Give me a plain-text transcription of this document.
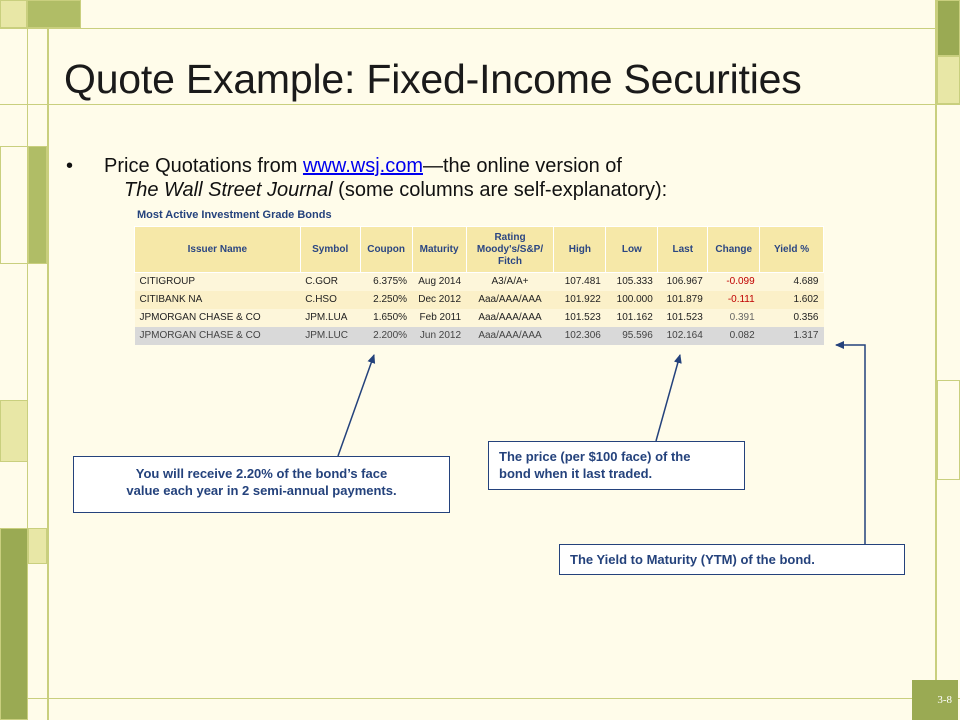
Quote Example: Fixed-Income Securities
• Price Quotations from www.wsj.com—the online version of
The Wall Street Journal (some columns are self-explanatory):
Most Active Investment Grade Bonds
Issuer Name	Symbol	Coupon	Maturity	Rating Moody's/S&P/ Fitch	High	Low	Last	Change	Yield %
CITIGROUP	C.GOR	6.375%	Aug 2014	A3/A/A+	107.481	105.333	106.967	-0.099	4.689
CITIBANK NA	C.HSO	2.250%	Dec 2012	Aaa/AAA/AAA	101.922	100.000	101.879	-0.111	1.602
JPMORGAN CHASE & CO	JPM.LUA	1.650%	Feb 2011	Aaa/AAA/AAA	101.523	101.162	101.523	0.391	0.356
JPMORGAN CHASE & CO	JPM.LUC	2.200%	Jun 2012	Aaa/AAA/AAA	102.306	95.596	102.164	0.082	1.317
You will receive 2.20% of the bond’s face
value each year in 2 semi-annual payments.
The price (per $100 face) of the
bond when it last traded.
The Yield to Maturity (YTM) of the bond.
3-8
